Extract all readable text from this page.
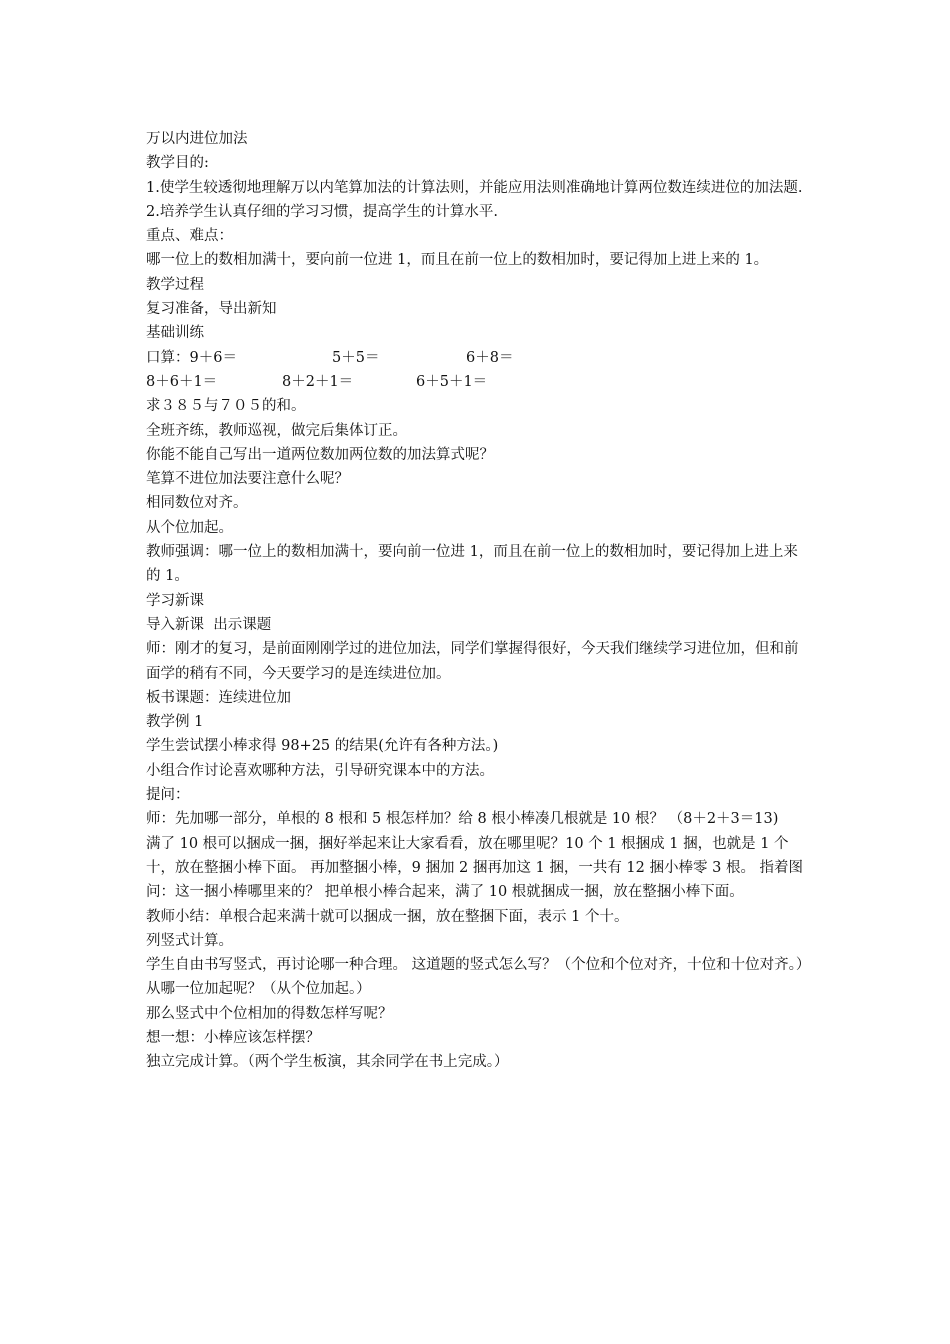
万以内进位加法

教学目的:

1.使学生较透彻地理解万以内笔算加法的计算法则，并能应用法则准确地计算两位数连续进位的加法题.

2.培养学生认真仔细的学习习惯，提高学生的计算水平.

重点、难点：

哪一位上的数相加满十，要向前一位进 1，而且在前一位上的数相加时，要记得加上进上来的 1。

教学过程

复习准备，导出新知

基础训练

口算：9＋6＝	5＋5＝	6＋8＝
8＋6＋1＝	8＋2＋1＝	6＋5＋1＝

求３８５与７０５的和。

全班齐练，教师巡视，做完后集体订正。

你能不能自己写出一道两位数加两位数的加法算式呢？

笔算不进位加法要注意什么呢？

相同数位对齐。

从个位加起。

教师强调：哪一位上的数相加满十，要向前一位进 1，而且在前一位上的数相加时，要记得加上进上来的 1。

学习新课

导入新课  出示课题

师：刚才的复习，是前面刚刚学过的进位加法，同学们掌握得很好，今天我们继续学习进位加，但和前面学的稍有不同，今天要学习的是连续进位加。

板书课题：连续进位加

教学例 1

学生尝试摆小棒求得 98+25 的结果(允许有各种方法。)

小组合作讨论喜欢哪种方法，引导研究课本中的方法。

提问：

师：先加哪一部分，单根的 8 根和 5 根怎样加？给 8 根小棒凑几根就是 10 根？ （8＋2＋3＝13)

满了 10 根可以捆成一捆，捆好举起来让大家看看，放在哪里呢？10 个 1 根捆成 1 捆，也就是 1 个十，放在整捆小棒下面。 再加整捆小棒，9 捆加 2 捆再加这 1 捆，一共有 12 捆小棒零 3 根。 指着图问：这一捆小棒哪里来的？ 把单根小棒合起来，满了 10 根就捆成一捆，放在整捆小棒下面。

教师小结：单根合起来满十就可以捆成一捆，放在整捆下面，表示 1 个十。

列竖式计算。

学生自由书写竖式，再讨论哪一种合理。 这道题的竖式怎么写？（个位和个位对齐，十位和十位对齐。）

从哪一位加起呢？（从个位加起。）

那么竖式中个位相加的得数怎样写呢？

想一想：小棒应该怎样摆？

独立完成计算。（两个学生板演，其余同学在书上完成。）
